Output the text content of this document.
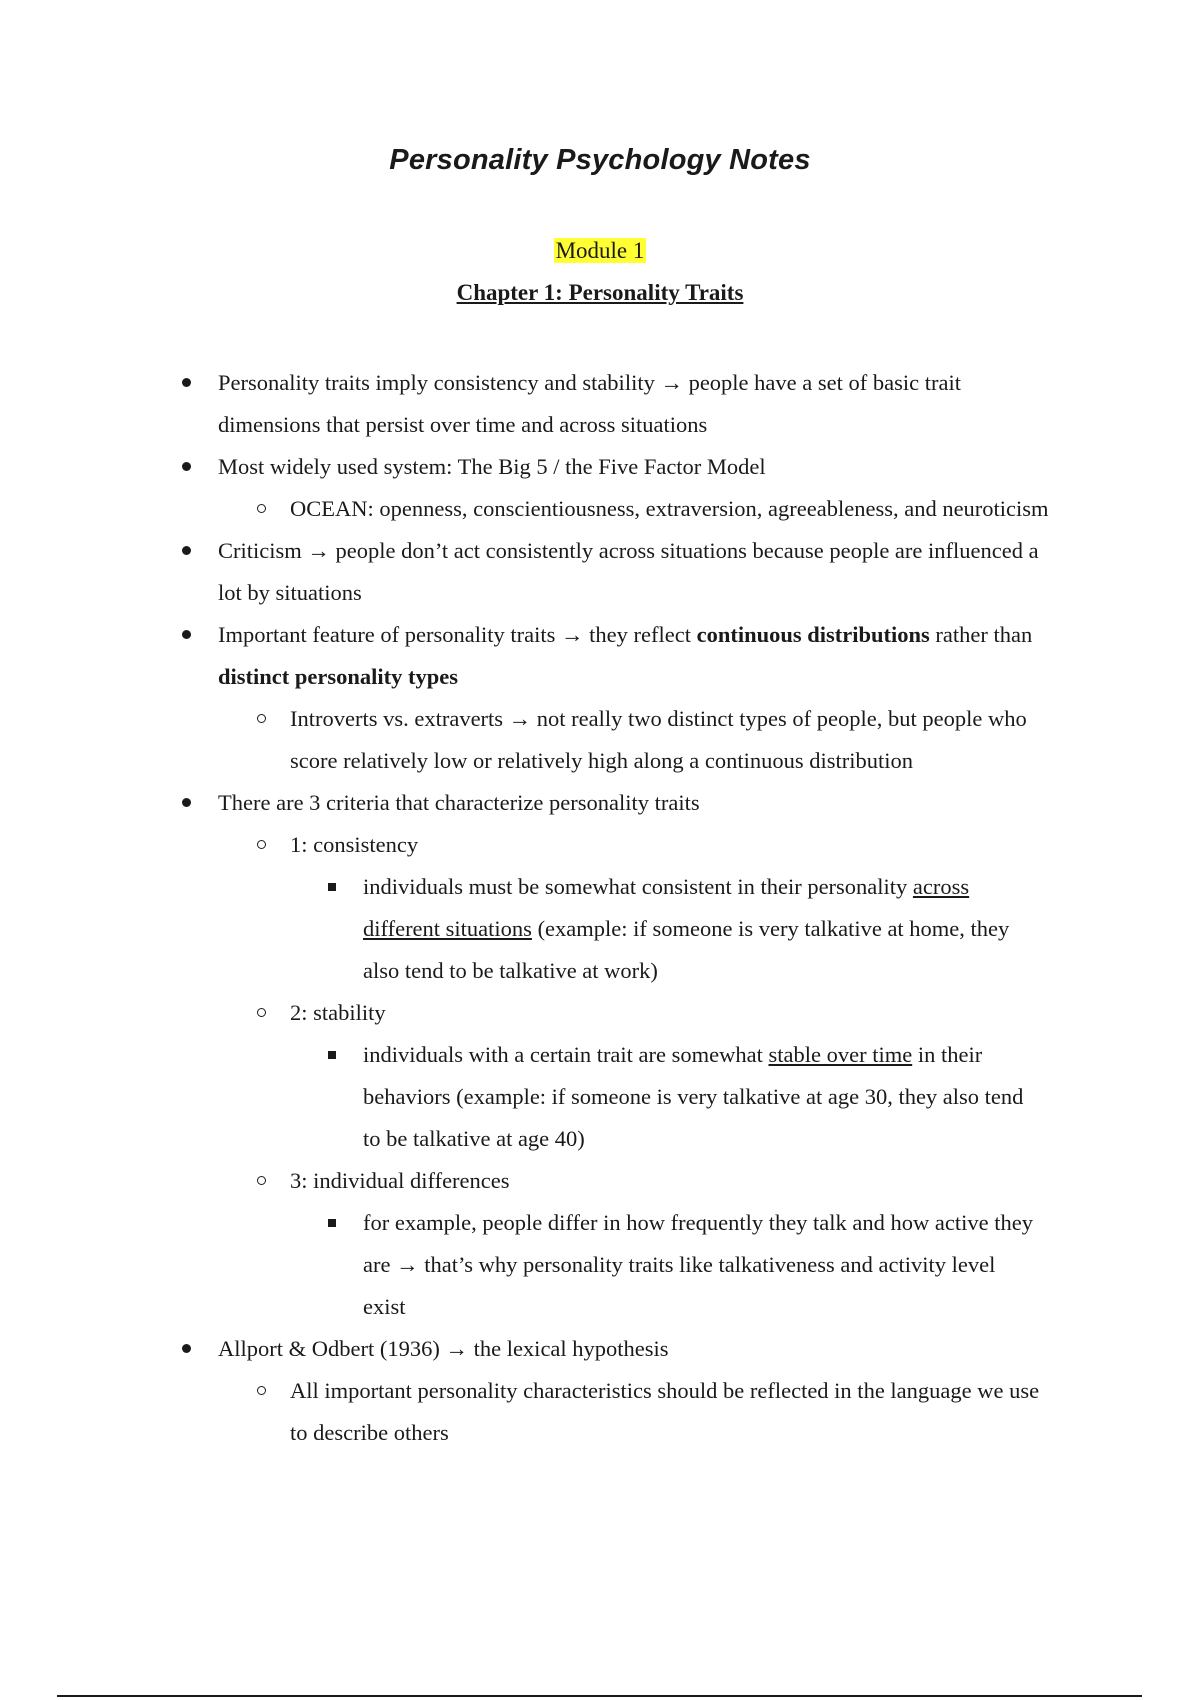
Personality Psychology Notes
Module 1
Chapter 1: Personality Traits
Personality traits imply consistency and stability → people have a set of basic trait dimensions that persist over time and across situations
Most widely used system: The Big 5 / the Five Factor Model
OCEAN: openness, conscientiousness, extraversion, agreeableness, and neuroticism
Criticism → people don’t act consistently across situations because people are influenced a lot by situations
Important feature of personality traits → they reflect continuous distributions rather than distinct personality types
Introverts vs. extraverts → not really two distinct types of people, but people who score relatively low or relatively high along a continuous distribution
There are 3 criteria that characterize personality traits
1: consistency
individuals must be somewhat consistent in their personality across different situations (example: if someone is very talkative at home, they also tend to be talkative at work)
2: stability
individuals with a certain trait are somewhat stable over time in their behaviors (example: if someone is very talkative at age 30, they also tend to be talkative at age 40)
3: individual differences
for example, people differ in how frequently they talk and how active they are → that’s why personality traits like talkativeness and activity level exist
Allport & Odbert (1936) → the lexical hypothesis
All important personality characteristics should be reflected in the language we use to describe others
